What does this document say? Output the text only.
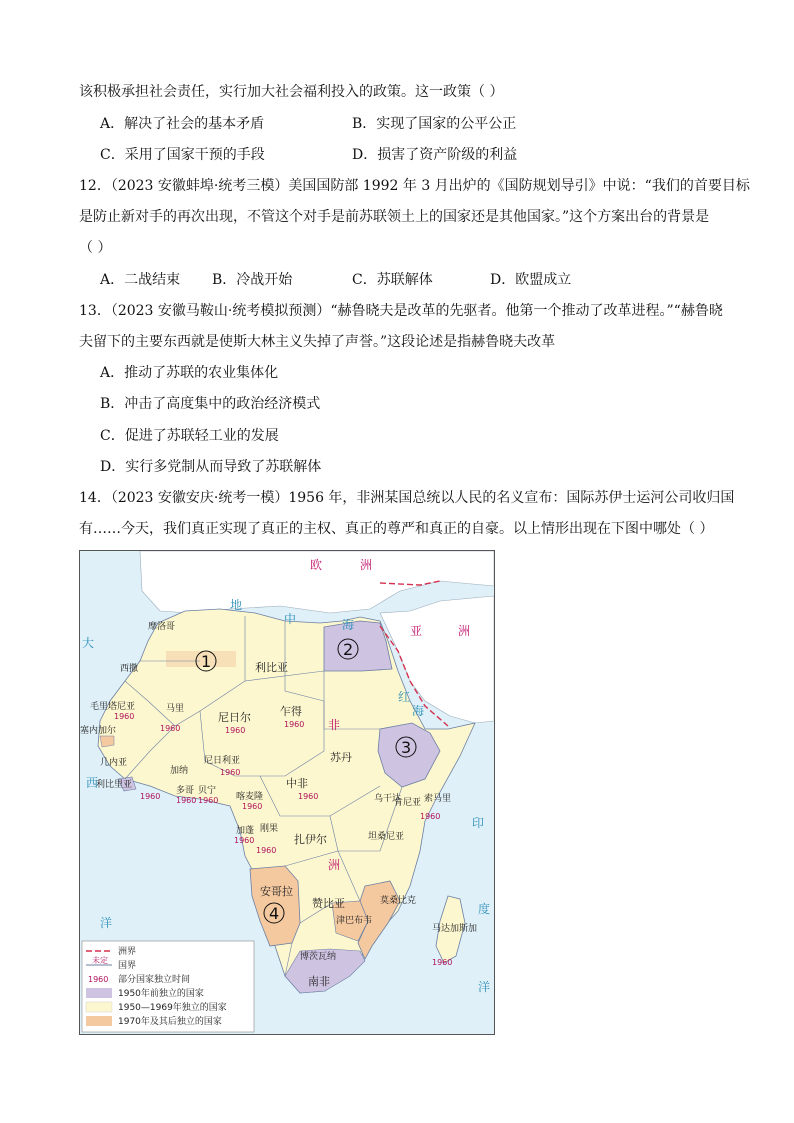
该积极承担社会责任，实行加大社会福利投入的政策。这一政策（ ）
A．解决了社会的基本矛盾	B．实现了国家的公平公正
C．采用了国家干预的手段	D．损害了资产阶级的利益
12．（2023 安徽蚌埠·统考三模）美国国防部 1992 年 3 月出炉的《国防规划导引》中说：“我们的首要目标
是防止新对手的再次出现，不管这个对手是前苏联领土上的国家还是其他国家。”这个方案出台的背景是
（ ）
A．二战结束 B．冷战开始	C．苏联解体	D．欧盟成立
13．（2023 安徽马鞍山·统考模拟预测）“赫鲁晓夫是改革的先驱者。他第一个推动了改革进程。”“赫鲁晓
夫留下的主要东西就是使斯大林主义失掉了声誉。”这段论述是指赫鲁晓夫改革
A．推动了苏联的农业集体化
B．冲击了高度集中的政治经济模式
C．促进了苏联轻工业的发展
D．实行多党制从而导致了苏联解体
14．（2023 安徽安庆·统考一模）1956 年，非洲某国总统以人民的名义宣布：国际苏伊士运河公司收归国
有……今天，我们真正实现了真正的主权、真正的尊严和真正的自豪。以上情形出现在下图中哪处（ ）
欧	洲
亚	洲
非
洲
大
西
洋
印
度
洋
地
中	海
红
海
1
2
3
4
摩洛哥
利比亚
西撒
毛里塔尼亚
1960
马里
1960
尼日尔
1960
乍得
1960
苏丹
塞内加尔
几内亚
利比里亚
1960
加纳
多哥
1960
贝宁
1960
尼日利亚
1960
中非
1960
喀麦隆
1960
加蓬
1960
刚果
1960
扎伊尔
乌干达
肯尼亚 索马里
1960
坦桑尼亚
安哥拉
赞比亚
津巴布韦
莫桑比克
博茨瓦纳
南非
马达加斯加
1960
洲界
未定
国界
1960 部分国家独立时间
1950年前独立的国家
1950—1969年独立的国家
1970年及其后独立的国家
